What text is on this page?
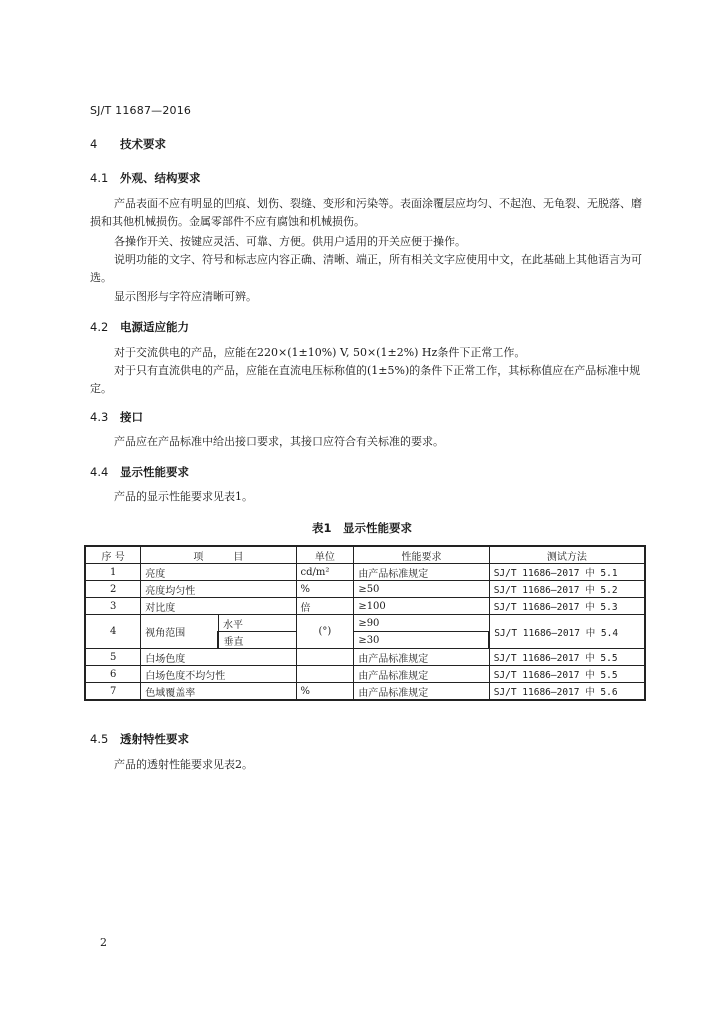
SJ/T 11687—2016
4 技术要求
4.1 外观、结构要求
产品表面不应有明显的凹痕、划伤、裂缝、变形和污染等。表面涂覆层应均匀、不起泡、无龟裂、无脱落、磨损和其他机械损伤。金属零部件不应有腐蚀和机械损伤。
各操作开关、按键应灵活、可靠、方便。供用户适用的开关应便于操作。
说明功能的文字、符号和标志应内容正确、清晰、端正，所有相关文字应使用中文，在此基础上其他语言为可选。
显示图形与字符应清晰可辨。
4.2 电源适应能力
对于交流供电的产品，应能在220×(1±10%) V, 50×(1±2%) Hz条件下正常工作。
对于只有直流供电的产品，应能在直流电压标称值的(1±5%)的条件下正常工作，其标称值应在产品标准中规定。
4.3 接口
产品应在产品标准中给出接口要求，其接口应符合有关标准的要求。
4.4 显示性能要求
产品的显示性能要求见表1。
表1　显示性能要求
序 号	项　　　目		单位	性能要求	测试方法
1	亮度		cd/m²	由产品标准规定	SJ/T 11686—2017 中 5.1
2	亮度均匀性		%	≥50	SJ/T 11686—2017 中 5.2
3	对比度		倍	≥100	SJ/T 11686—2017 中 5.3
4	视角范围	水平	(°)	≥90	SJ/T 11686—2017 中 5.4
		垂直		≥30	
5	白场色度			由产品标准规定	SJ/T 11686—2017 中 5.5
6	白场色度不均匀性			由产品标准规定	SJ/T 11686—2017 中 5.5
7	色域覆盖率		%	由产品标准规定	SJ/T 11686—2017 中 5.6
4.5 透射特性要求
产品的透射性能要求见表2。
2
